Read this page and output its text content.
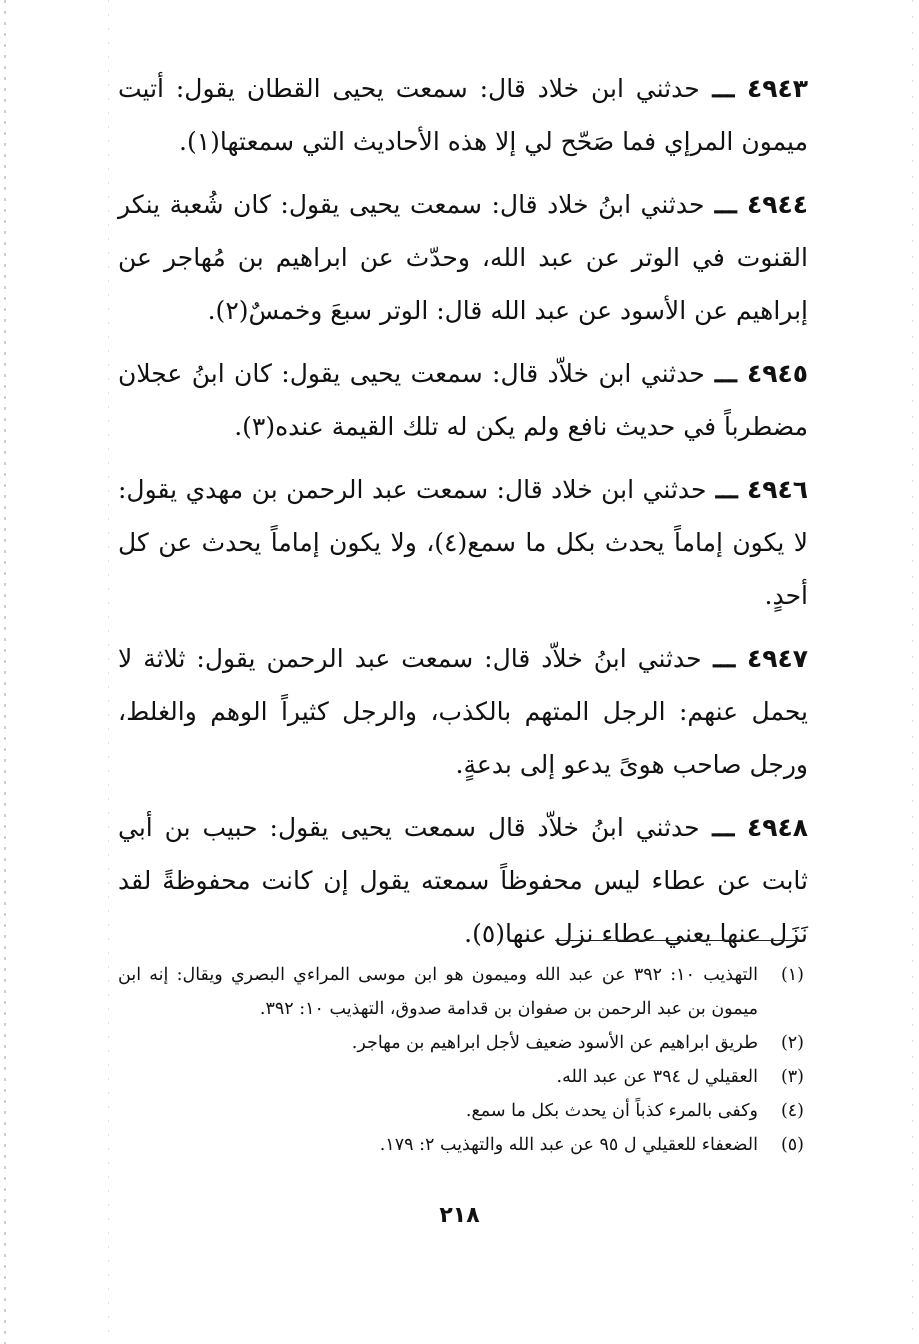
٤٩٤٣ ـــ حدثني ابن خلاد قال: سمعت يحيى القطان يقول: أتيت ميمون المرإي فما صَحّح لي إلا هذه الأحاديث التي سمعتها(١).

٤٩٤٤ ـــ حدثني ابنُ خلاد قال: سمعت يحيى يقول: كان شُعبة ينكر القنوت في الوتر عن عبد الله، وحدّث عن ابراهيم بن مُهاجر عن إبراهيم عن الأسود عن عبد الله قال: الوتر سبعَ وخمسٌ(٢).

٤٩٤٥ ـــ حدثني ابن خلاّد قال: سمعت يحيى يقول: كان ابنُ عجلان مضطرباً في حديث نافع ولم يكن له تلك القيمة عنده(٣).

٤٩٤٦ ـــ حدثني ابن خلاد قال: سمعت عبد الرحمن بن مهدي يقول: لا يكون إماماً يحدث بكل ما سمع(٤)، ولا يكون إماماً يحدث عن كل أحدٍ.

٤٩٤٧ ـــ حدثني ابنُ خلاّد قال: سمعت عبد الرحمن يقول: ثلاثة لا يحمل عنهم: الرجل المتهم بالكذب، والرجل كثيراً الوهم والغلط، ورجل صاحب هوىً يدعو إلى بدعةٍ.

٤٩٤٨ ـــ حدثني ابنُ خلاّد قال سمعت يحيى يقول: حبيب بن أبي ثابت عن عطاء ليس محفوظاً سمعته يقول إن كانت محفوظةً لقد نَزَل عنها يعني عطاء نزل عنها(٥).

(١)
التهذيب ١٠: ٣٩٢ عن عبد الله وميمون هو ابن موسى المراءي البصري ويقال: إنه ابن ميمون بن عبد الرحمن بن صفوان بن قدامة صدوق، التهذيب ١٠: ٣٩٢.
(٢)
طريق ابراهيم عن الأسود ضعيف لأجل ابراهيم بن مهاجر.
(٣)
العقيلي ل ٣٩٤ عن عبد الله.
(٤)
وكفى بالمرء كذباً أن يحدث بكل ما سمع.
(٥)
الضعفاء للعقيلي ل ٩٥ عن عبد الله والتهذيب ٢: ١٧٩.
٢١٨
